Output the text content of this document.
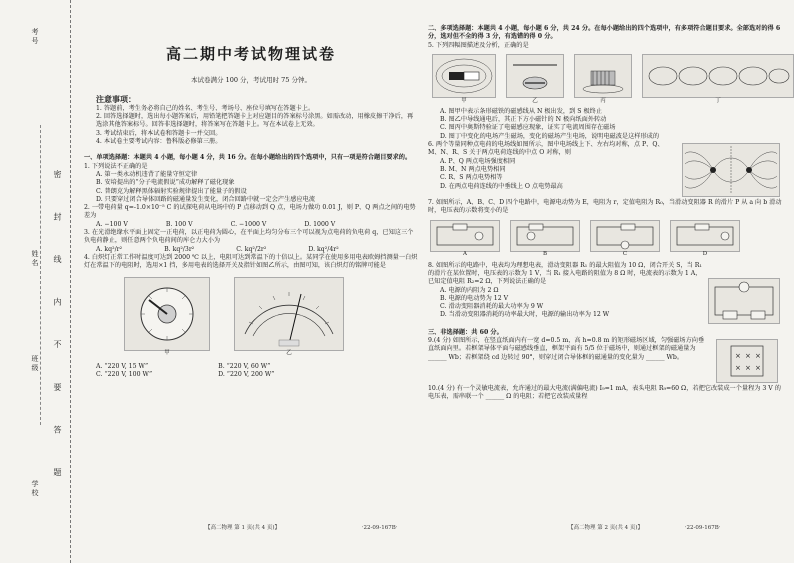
考号
姓名
班级
学校 密 封 线 内 不 要 答 题
高二期中考试物理试卷
本试卷满分 100 分，考试用时 75 分钟。
注意事项：

1. 答题前，考生务必将自己的姓名、考生号、考场号、座位号填写在答题卡上。

2. 回答选择题时，选出每小题答案后，用铅笔把答题卡上对应题目的答案标号涂黑。如需改动，用橡皮擦干净后，再选涂其他答案标号。回答非选择题时，将答案写在答题卡上。写在本试卷上无效。

3. 考试结束后，将本试卷和答题卡一并交回。

4. 本试卷主要考试内容：鲁科版必修第三册。

一、单项选择题：本题共 4 小题，每小题 4 分，共 16 分。在每小题给出的四个选项中，只有一项是符合题目要求的。

1. 下列说法不正确的是

A. 第一类永动机违背了能量守恒定律

B. 安培提出的“分子电流假说”成功解释了磁化现象

C. 普朗克为解释黑体辐射实验规律提出了能量子的假设

D. 只要穿过闭合导体回路的磁通量发生变化，闭合回路中就一定会产生感应电流

2. 一带电荷量 q=-1.0×10⁻⁵ C 的试探电荷从电场中的 P 点移动到 Q 点，电场力做功 0.01 J，则 P、Q 两点之间的电势差为

A. −100 V	B. 100 V	C. −1000 V	D. 1000 V

3. 在光滑绝缘水平面上固定一正电荷，以正电荷为圆心，在平面上均匀分布三个可以视为点电荷的负电荷 q，已知这三个负电荷静止，则任意两个负电荷间的库仑力大小为

A. kq²/r²	B. kq²/3r²	C. kq²/2r²	D. kq²/4r²

4. 白炽灯正常工作时温度可达到 2000 ℃ 以上，电阻可达到常温下的十倍以上。某同学在使用多用电表欧姆挡测量一白炽灯在常温下的电阻时，选用×1 挡，多用电表的选择开关及指针如图乙所示，由图可知，该白炽灯的铭牌可能是

甲	乙
A. “220 V, 15 W”	B. “220 V, 60 W”
C. “220 V, 100 W”	D. “220 V, 200 W”
【高二物理 第 1 页(共 4 页)】	·22-09-167B·

二、多项选择题：本题共 4 小题，每小题 6 分，共 24 分。在每小题给出的四个选项中，有多项符合题目要求。全部选对的得 6 分，选对但不全的得 3 分，有选错的得 0 分。

5. 下列四幅图描述及分析，正确的是

甲	乙	丙	丁

A. 图甲中表示条形磁铁的磁感线从 N 极出发，到 S 极终止

B. 图乙中导线通电后，其正下方小磁针的 N 极向纸面外转动

C. 图丙中奥斯特验证了电磁感应现象，证实了电流周围存在磁场

D. 图丁中变化的电场产生磁场，变化的磁场产生电场，说明电磁波是这样形成的

6. 两个等量同种点电荷的电场线如图所示，图中电场线上下、左右均对称，点 P、Q、M、N、R、S 关于两点电荷连线的中点 O 对称，则

A. P、Q 两点电场强度相同

B. M、N 两点电势相同

C. R、S 两点电势相等

D. 在两点电荷连线的中垂线上 O 点电势最高

7. 如图所示，A、B、C、D 四个电路中，电源电动势为 E，电阻为 r，定值电阻为 R₀，当滑动变阻器 R 的滑片 P 从 a 向 b 滑动时，电压表的示数将变小的是

A	B	C	D

8. 如图所示的电路中，电表均为理想电表，滑动变阻器 R₁ 的最大阻值为 10 Ω，闭合开关 S，当 R₁ 的滑片在某位置时，电压表的示数为 1 V，当 R₁ 接入电路的阻值为 8 Ω 时，电流表的示数为 1 A，已知定值电阻 R₂=2 Ω，下列说法正确的是

A. 电源的内阻为 2 Ω

B. 电源的电动势为 12 V

C. 滑动变阻器消耗的最大功率为 9 W

D. 当滑动变阻器消耗的功率最大时，电源的输出功率为 12 W

三、非选择题：共 60 分。

9.(4 分) 如图所示，在竖直纸面内有一宽 d=0.5 m，高 h=0.8 m 的矩形磁场区域，匀强磁场方向垂直纸面向里。若框架导体平面与磁感线垂直，框架平面有 5/5 位于磁场中，则通过框架的磁通量为 ______ Wb；若框架绕 cd 边转过 90°，则穿过闭合导体框的磁通量的变化量为 ______ Wb。	× × ×
× × ×

10.(4 分) 有一个灵敏电流表，允许通过的最大电流(满偏电流) I₉=1 mA，表头电阻 R₉=60 Ω，若把它改装成一个量程为 3 V 的电压表，需串联一个 ______ Ω 的电阻；若把它改装成量程

【高二物理 第 2 页(共 4 页)】	·22-09-167B·
